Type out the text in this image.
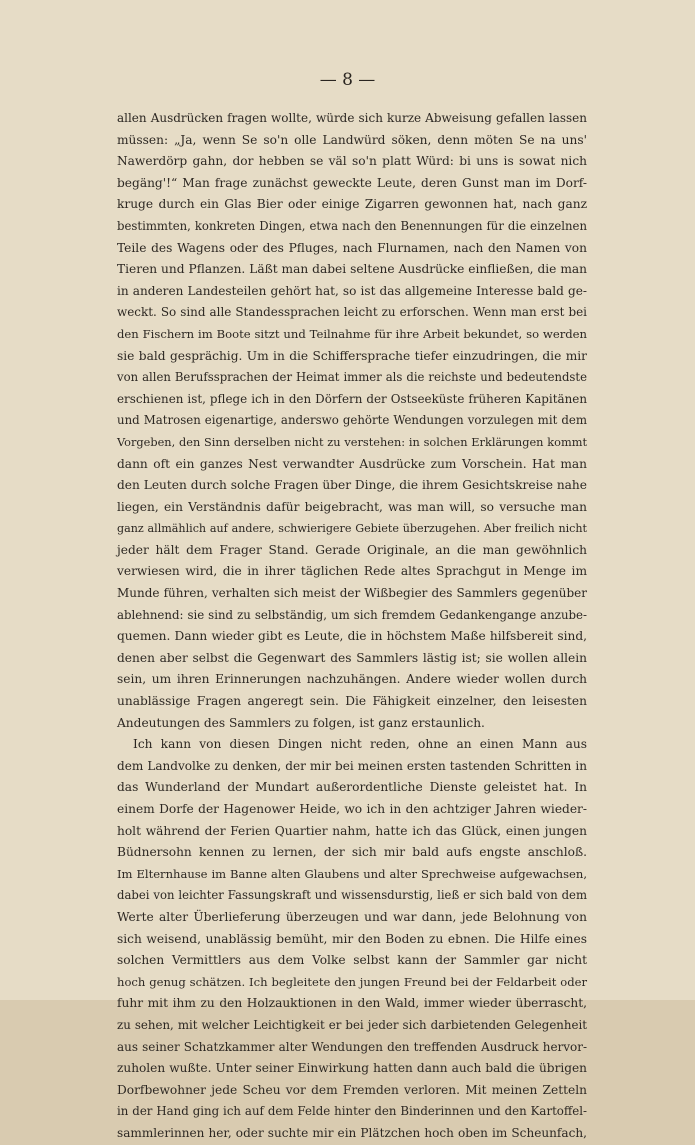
— 8 —
allen Ausdrücken fragen wollte, würde sich kurze Abweisung gefallen lassen
müssen: „Ja, wenn Se so'n olle Landwürd söken, denn möten Se na uns'
Nawerdörp gahn, dor hebben se väl so'n platt Würd: bi uns is sowat nich
begäng'!“ Man frage zunächst geweckte Leute, deren Gunst man im Dorf-
kruge durch ein Glas Bier oder einige Zigarren gewonnen hat, nach ganz
bestimmten, konkreten Dingen, etwa nach den Benennungen für die einzelnen
Teile des Wagens oder des Pfluges, nach Flurnamen, nach den Namen von
Tieren und Pflanzen. Läßt man dabei seltene Ausdrücke einfließen, die man
in anderen Landesteilen gehört hat, so ist das allgemeine Interesse bald ge-
weckt. So sind alle Standessprachen leicht zu erforschen. Wenn man erst bei
den Fischern im Boote sitzt und Teilnahme für ihre Arbeit bekundet, so werden
sie bald gesprächig. Um in die Schiffersprache tiefer einzudringen, die mir
von allen Berufssprachen der Heimat immer als die reichste und bedeutendste
erschienen ist, pflege ich in den Dörfern der Ostseeküste früheren Kapitänen
und Matrosen eigenartige, anderswo gehörte Wendungen vorzulegen mit dem
Vorgeben, den Sinn derselben nicht zu verstehen: in solchen Erklärungen kommt
dann oft ein ganzes Nest verwandter Ausdrücke zum Vorschein. Hat man
den Leuten durch solche Fragen über Dinge, die ihrem Gesichtskreise nahe
liegen, ein Verständnis dafür beigebracht, was man will, so versuche man
ganz allmählich auf andere, schwierigere Gebiete überzugehen. Aber freilich nicht
jeder hält dem Frager Stand. Gerade Originale, an die man gewöhnlich
verwiesen wird, die in ihrer täglichen Rede altes Sprachgut in Menge im
Munde führen, verhalten sich meist der Wißbegier des Sammlers gegenüber
ablehnend: sie sind zu selbständig, um sich fremdem Gedankengange anzube-
quemen. Dann wieder gibt es Leute, die in höchstem Maße hilfsbereit sind,
denen aber selbst die Gegenwart des Sammlers lästig ist; sie wollen allein
sein, um ihren Erinnerungen nachzuhängen. Andere wieder wollen durch
unablässige Fragen angeregt sein. Die Fähigkeit einzelner, den leisesten
Andeutungen des Sammlers zu folgen, ist ganz erstaunlich.
Ich kann von diesen Dingen nicht reden, ohne an einen Mann aus
dem Landvolke zu denken, der mir bei meinen ersten tastenden Schritten in
das Wunderland der Mundart außerordentliche Dienste geleistet hat. In
einem Dorfe der Hagenower Heide, wo ich in den achtziger Jahren wieder-
holt während der Ferien Quartier nahm, hatte ich das Glück, einen jungen
Büdnersohn kennen zu lernen, der sich mir bald aufs engste anschloß.
Im Elternhause im Banne alten Glaubens und alter Sprechweise aufgewachsen,
dabei von leichter Fassungskraft und wissensdurstig, ließ er sich bald von dem
Werte alter Überlieferung überzeugen und war dann, jede Belohnung von
sich weisend, unablässig bemüht, mir den Boden zu ebnen. Die Hilfe eines
solchen Vermittlers aus dem Volke selbst kann der Sammler gar nicht
hoch genug schätzen. Ich begleitete den jungen Freund bei der Feldarbeit oder
fuhr mit ihm zu den Holzauktionen in den Wald, immer wieder überrascht,
zu sehen, mit welcher Leichtigkeit er bei jeder sich darbietenden Gelegenheit
aus seiner Schatzkammer alter Wendungen den treffenden Ausdruck hervor-
zuholen wußte. Unter seiner Einwirkung hatten dann auch bald die übrigen
Dorfbewohner jede Scheu vor dem Fremden verloren. Mit meinen Zetteln
in der Hand ging ich auf dem Felde hinter den Binderinnen und den Kartoffel-
sammlerinnen her, oder suchte mir ein Plätzchen hoch oben im Scheunfach,
